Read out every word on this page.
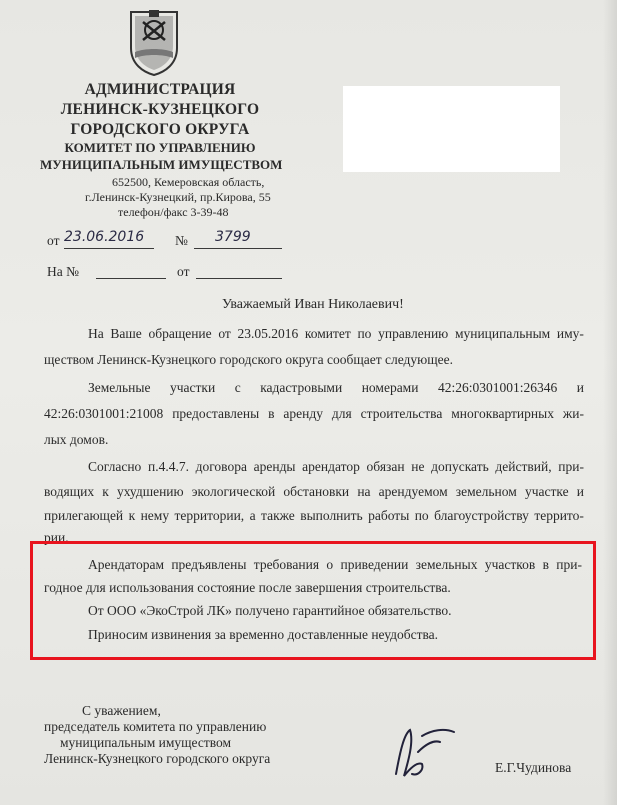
АДМИНИСТРАЦИЯ
ЛЕНИНСК-КУЗНЕЦКОГО
ГОРОДСКОГО ОКРУГА
КОМИТЕТ ПО УПРАВЛЕНИЮ
МУНИЦИПАЛЬНЫМ ИМУЩЕСТВОМ
652500, Кемеровская область,
г.Ленинск-Кузнецкий, пр.Кирова, 55
телефон/факс 3-39-48
от 23.06.2016 № 3799
На №	от
Уважаемый Иван Николаевич!
На Ваше обращение от 23.05.2016 комитет по управлению муниципальным иму-
ществом Ленинск-Кузнецкого городского округа сообщает следующее.
Земельные участки с кадастровыми номерами 42:26:0301001:26346 и
42:26:0301001:21008 предоставлены в аренду для строительства многоквартирных жи-
лых домов.
Согласно п.4.4.7. договора аренды арендатор обязан не допускать действий, при-
водящих к ухудшению экологической обстановки на арендуемом земельном участке и
прилегающей к нему территории, а также выполнить работы по благоустройству террито-
рии.
Арендаторам предъявлены требования о приведении земельных участков в при-
годное для использования состояние после завершения строительства.
От ООО «ЭкоСтрой ЛК» получено гарантийное обязательство.
Приносим извинения за временно доставленные неудобства.
С уважением,
председатель комитета по управлению
муниципальным имуществом
Ленинск-Кузнецкого городского округа
Е.Г.Чудинова
